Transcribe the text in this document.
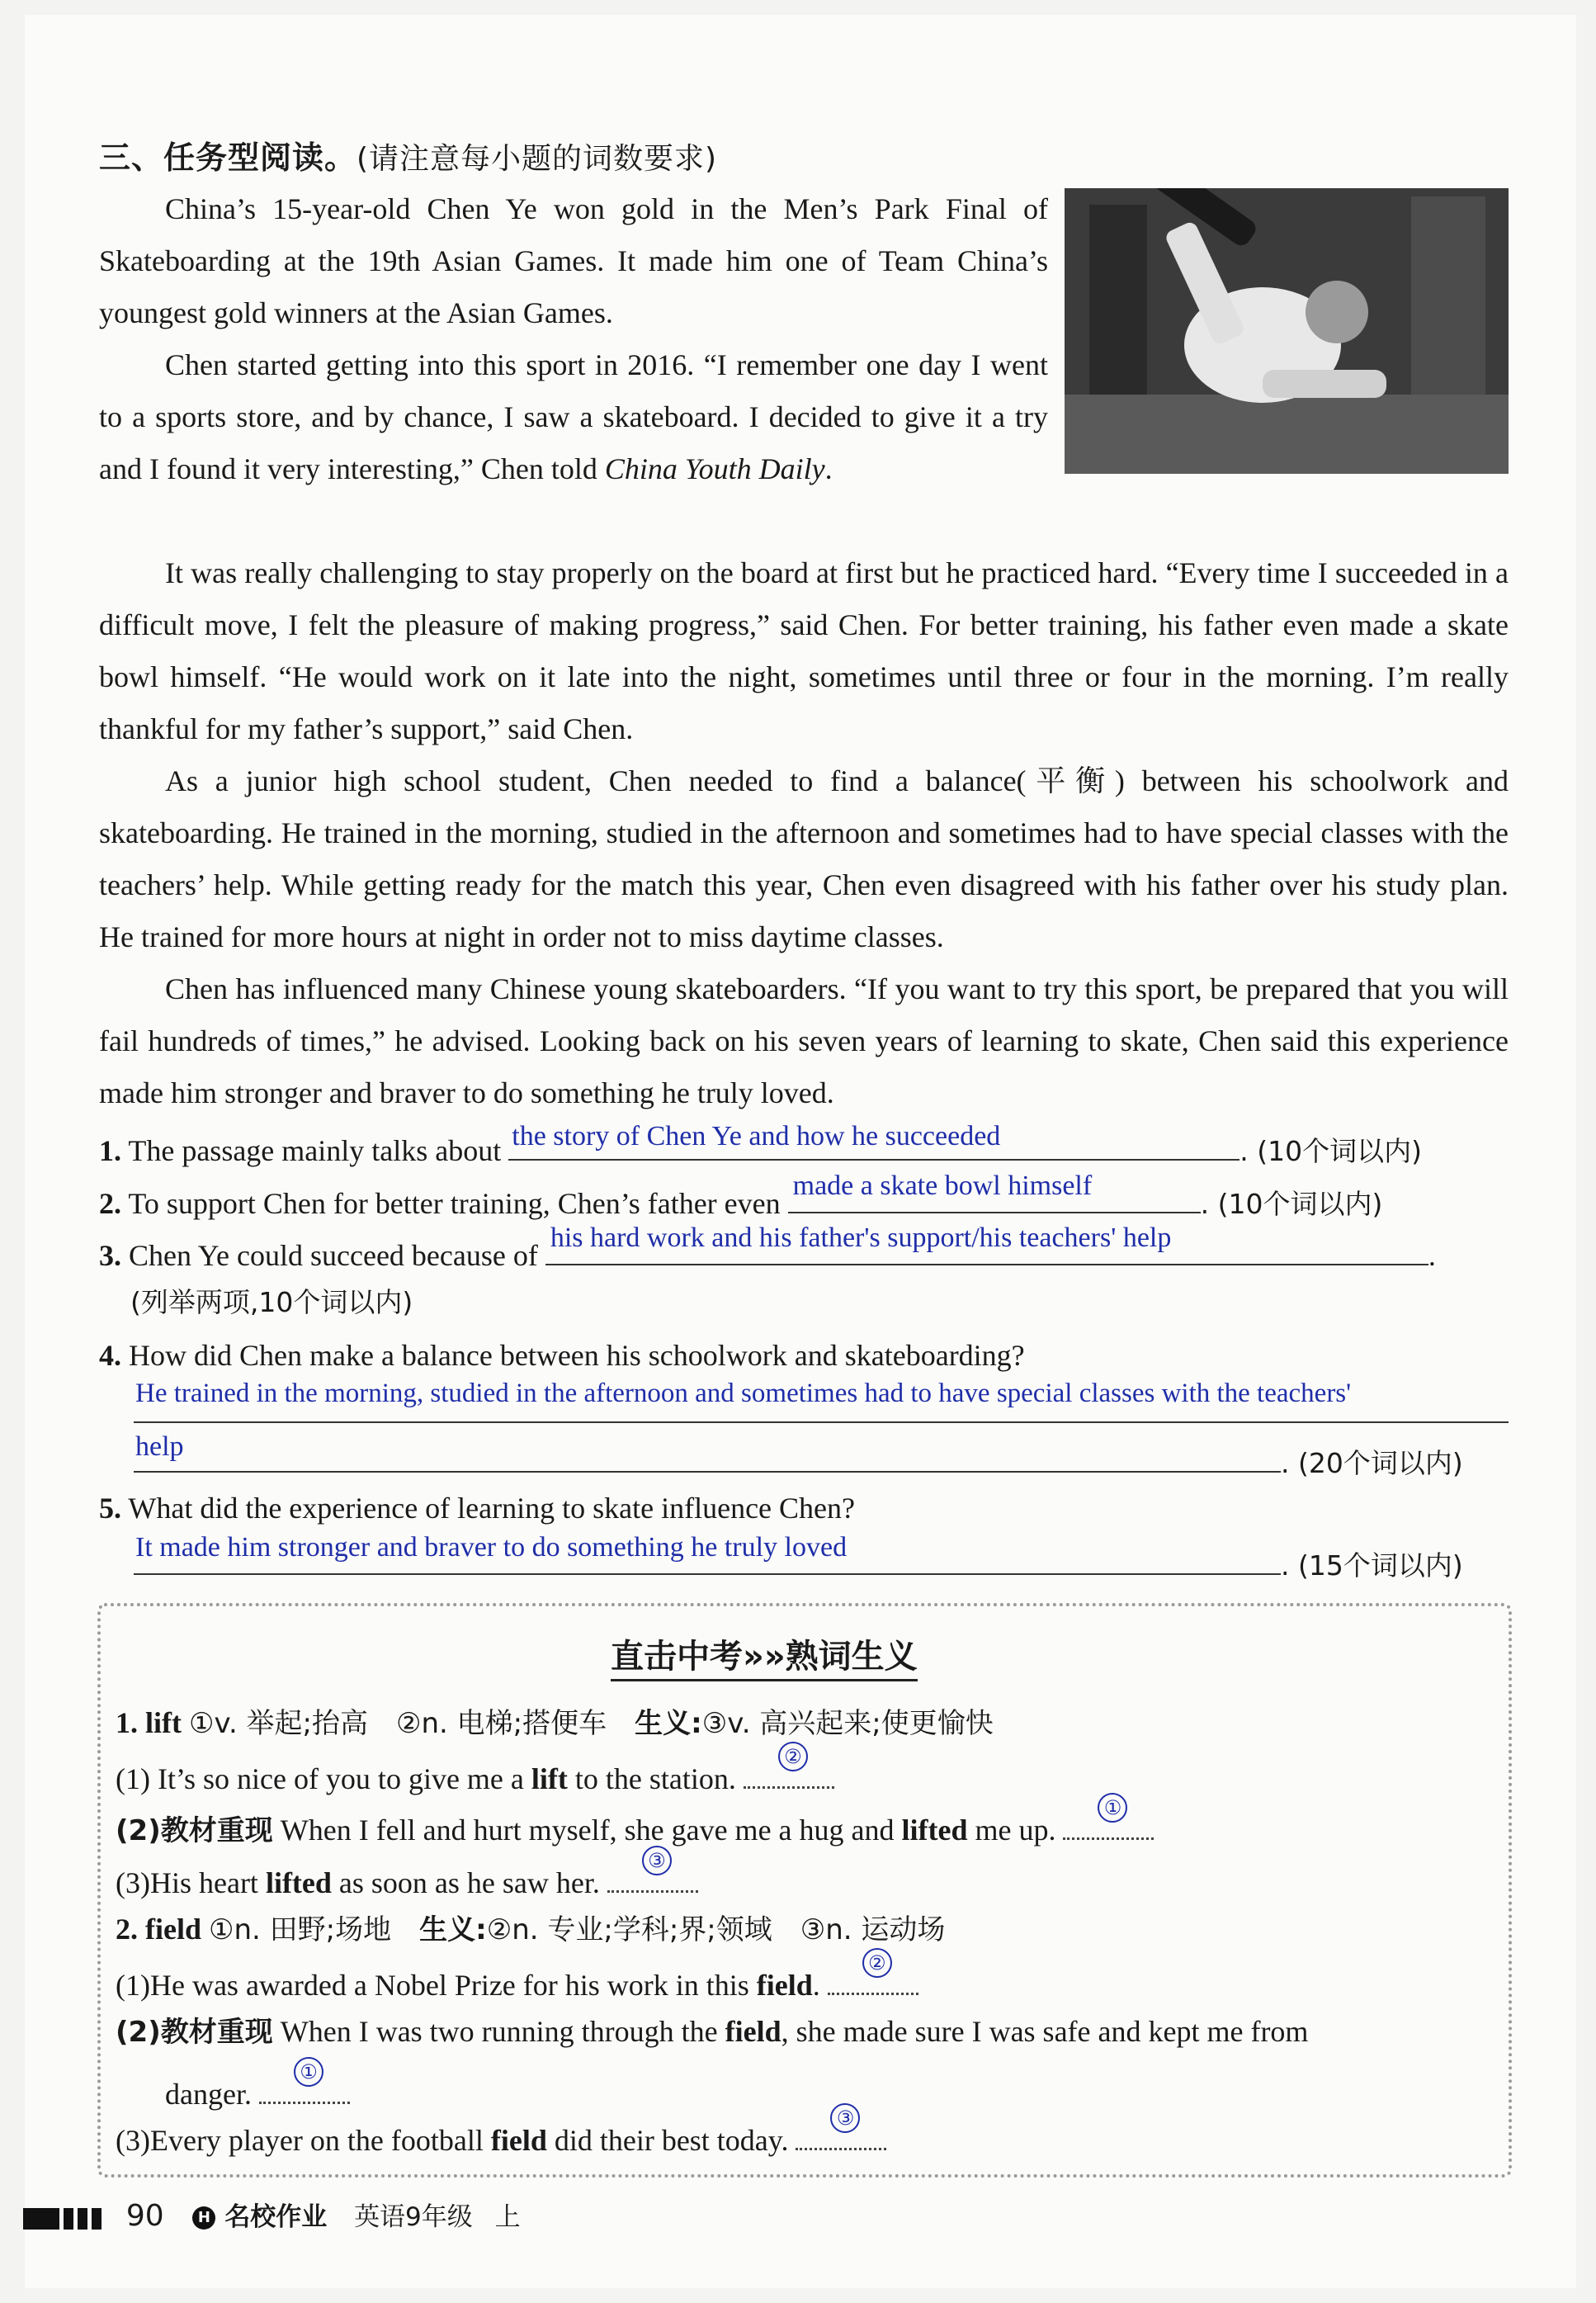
三、任务型阅读。(请注意每小题的词数要求)
China’s 15-year-old Chen Ye won gold in the Men’s Park Final of Skateboarding at the 19th Asian Games. It made him one of Team China’s youngest gold winners at the Asian Games.
Chen started getting into this sport in 2016. “I remember one day I went to a sports store, and by chance, I saw a skateboard. I decided to give it a try and I found it very interesting,” Chen told China Youth Daily.
It was really challenging to stay properly on the board at first but he practiced hard. “Every time I succeeded in a difficult move, I felt the pleasure of making progress,” said Chen. For better training, his father even made a skate bowl himself. “He would work on it late into the night, sometimes until three or four in the morning. I’m really thankful for my father’s support,” said Chen.
As a junior high school student, Chen needed to find a balance(平衡) between his schoolwork and skateboarding. He trained in the morning, studied in the afternoon and sometimes had to have special classes with the teachers’ help. While getting ready for the match this year, Chen even disagreed with his father over his study plan. He trained for more hours at night in order not to miss daytime classes.
Chen has influenced many Chinese young skateboarders. “If you want to try this sport, be prepared that you will fail hundreds of times,” he advised. Looking back on his seven years of learning to skate, Chen said this experience made him stronger and braver to do something he truly loved.
1. The passage mainly talks about the story of Chen Ye and how he succeeded	. (10个词以内)
2. To support Chen for better training, Chen’s father even
made a skate bowl himself
. (10个词以内)
3. Chen Ye could succeed because of
his hard work and his father's support/his teachers' help
.
(列举两项,10个词以内)
4. How did Chen make a balance between his schoolwork and skateboarding?
He trained in the morning, studied in the afternoon and sometimes had to have special classes with the teachers'
help
. (20个词以内)
5. What did the experience of learning to skate influence Chen?
It made him stronger and braver to do something he truly loved
. (15个词以内)
直击中考»»熟词生义
1. lift ①v. 举起;抬高　②n. 电梯;搭便车　生义:③v. 高兴起来;使更愉快
(1) It’s so nice of you to give me a lift to the station.
②
(2)教材重现 When I fell and hurt myself, she gave me a hug and lifted me up.
①
(3)His heart lifted as soon as he saw her.
③
2. field ①n. 田野;场地　生义:②n. 专业;学科;界;领域　③n. 运动场
(1)He was awarded a Nobel Prize for his work in this field.
②
(2)教材重现 When I was two running through the field, she made sure I was safe and kept me from
danger.
①
(3)Every player on the football field did their best today.
③
90 H 名校作业 英语9年级 上
